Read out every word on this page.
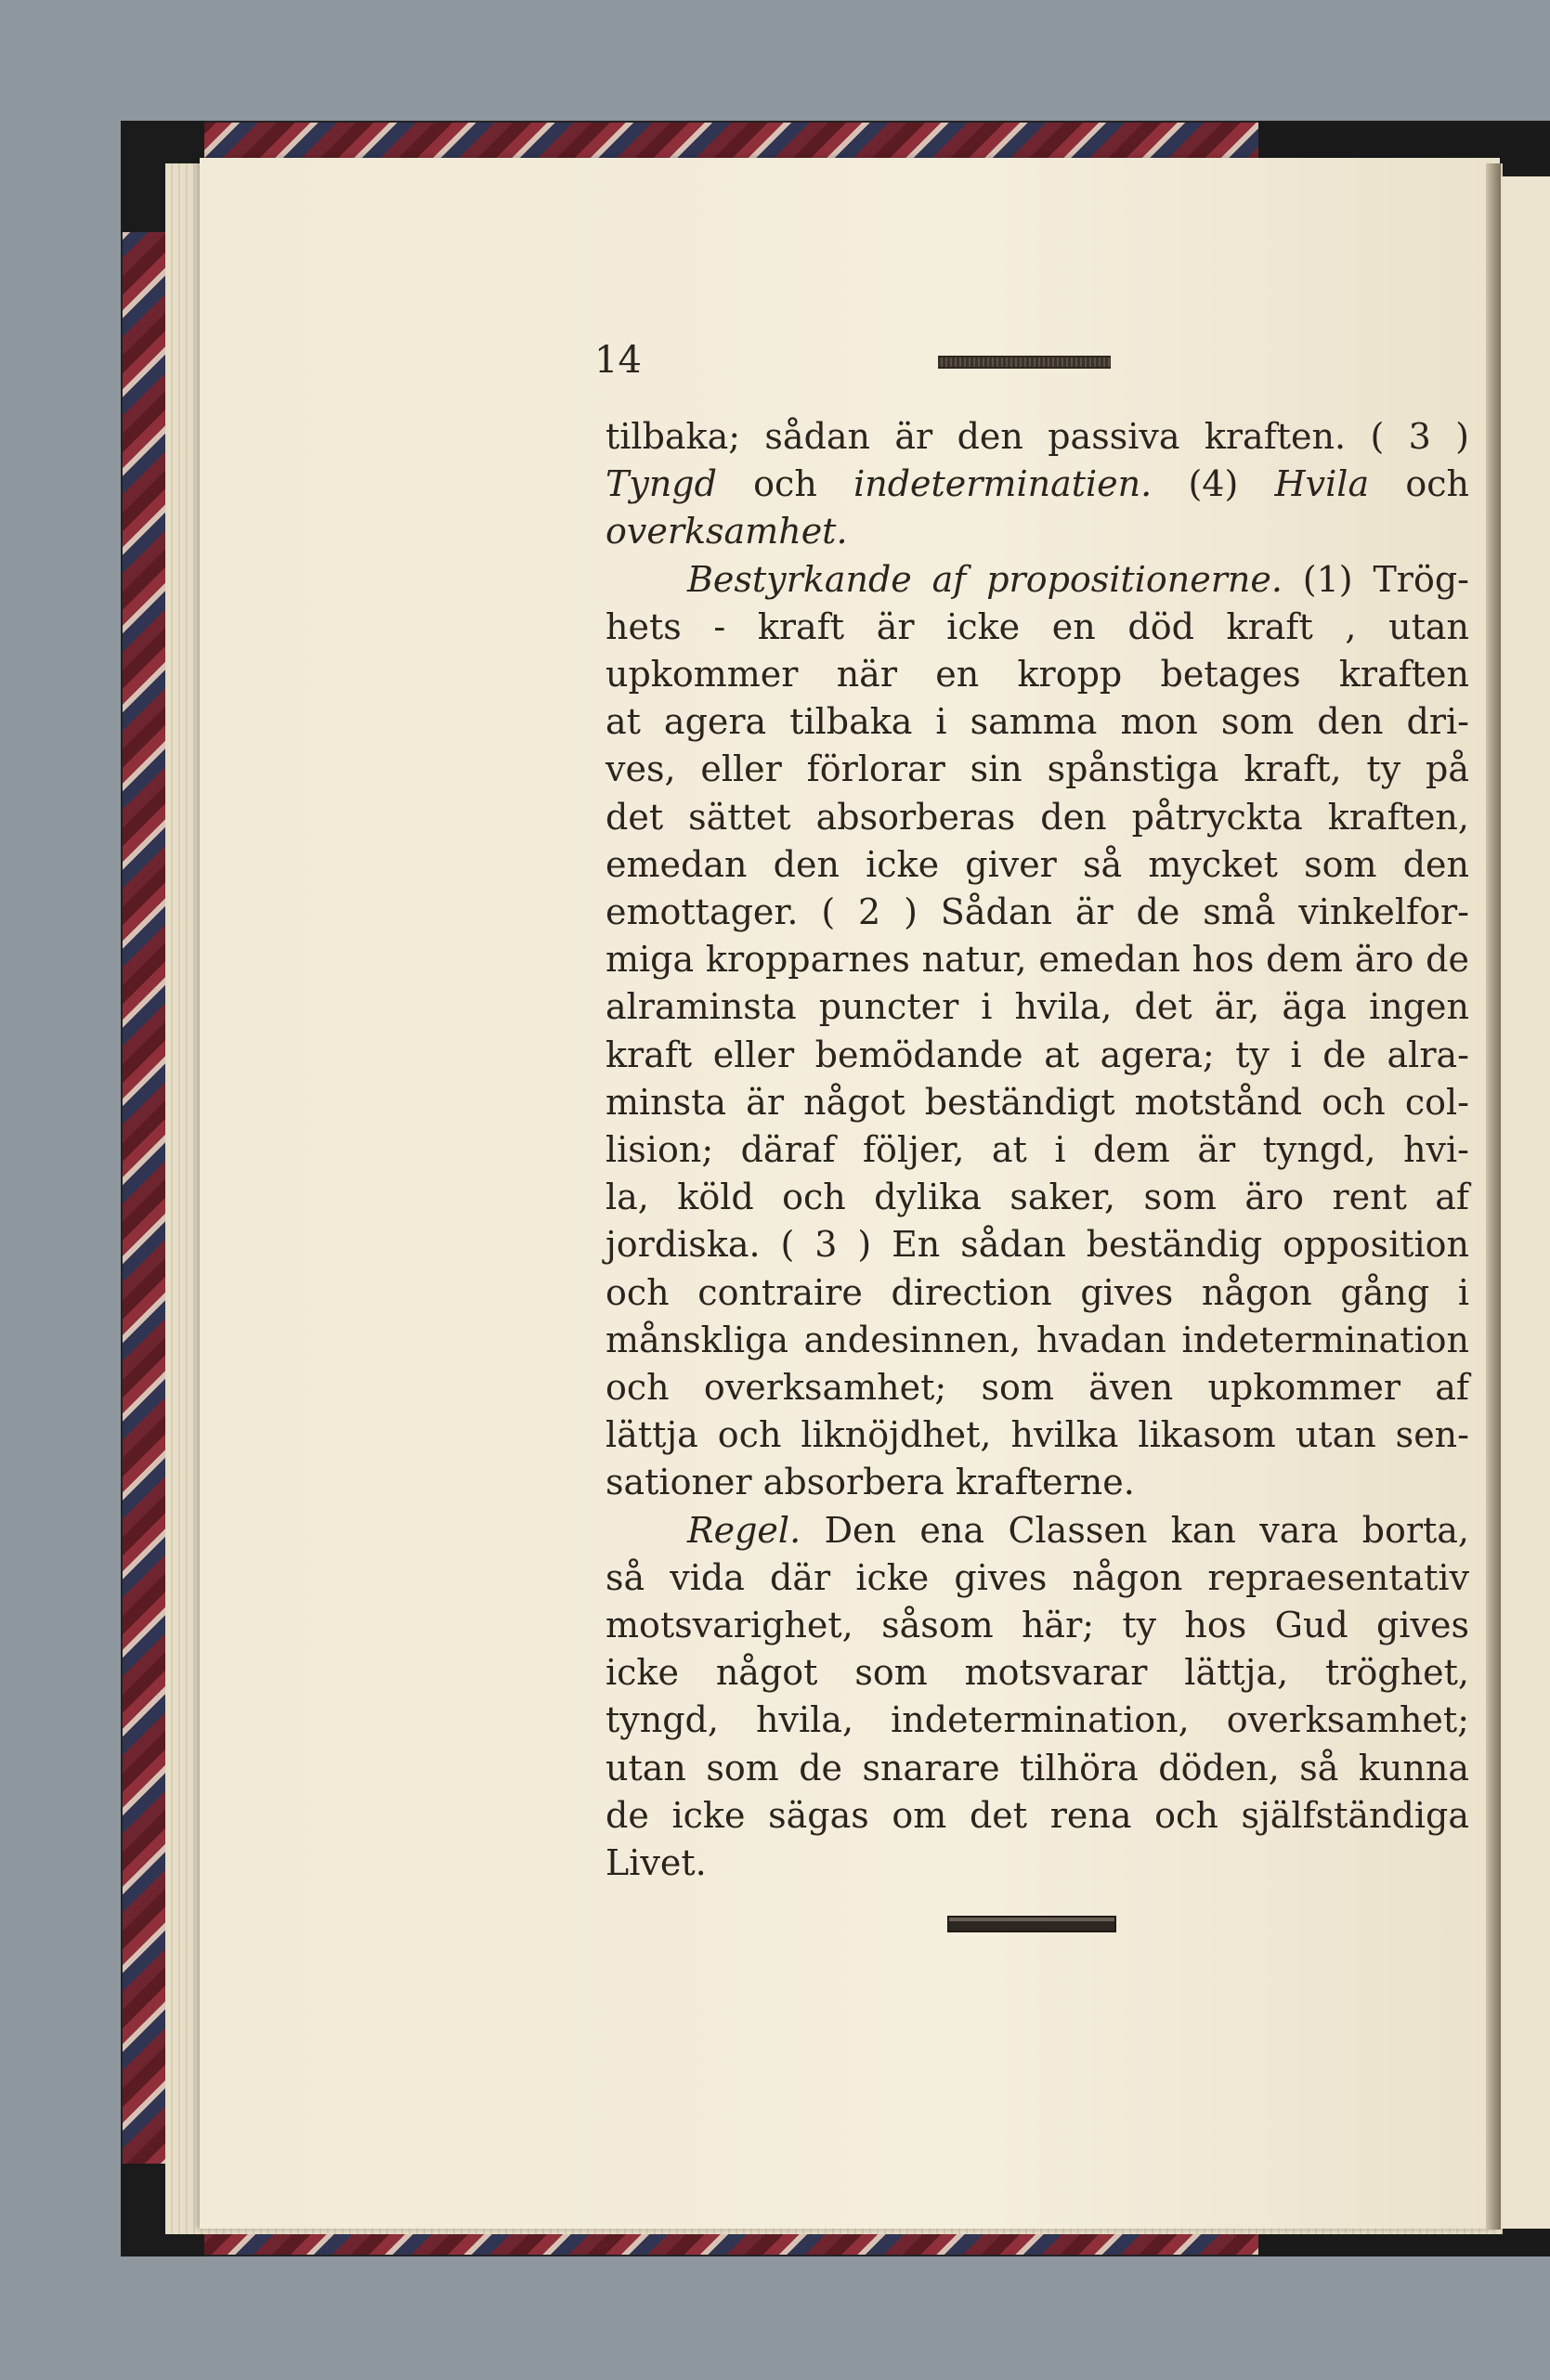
14
tilbaka; sådan är den passiva kraften. ( 3 )
Tyngd och indeterminatien. (4) Hvila och
overksamhet.
Bestyrkande af propositionerne. (1) Trög-
hets - kraft är icke en död kraft , utan
upkommer när en kropp betages kraften
at agera tilbaka i samma mon som den dri-
ves, eller förlorar sin spånstiga kraft, ty på
det sättet absorberas den påtryckta kraften,
emedan den icke giver så mycket som den
emottager. ( 2 ) Sådan är de små vinkelfor-
miga kropparnes natur, emedan hos dem äro de
alraminsta puncter i hvila, det är, äga ingen
kraft eller bemödande at agera; ty i de alra-
minsta är något beständigt motstånd och col-
lision; däraf följer, at i dem är tyngd, hvi-
la, köld och dylika saker, som äro rent af
jordiska. ( 3 ) En sådan beständig opposition
och contraire direction gives någon gång i
månskliga andesinnen, hvadan indetermination
och overksamhet; som även upkommer af
lättja och liknöjdhet, hvilka likasom utan sen-
sationer absorbera krafterne.
Regel. Den ena Classen kan vara borta,
så vida där icke gives någon repraesentativ
motsvarighet, såsom här; ty hos Gud gives
icke något som motsvarar lättja, tröghet,
tyngd, hvila, indetermination, overksamhet;
utan som de snarare tilhöra döden, så kunna
de icke sägas om det rena och själfständiga
Livet.
